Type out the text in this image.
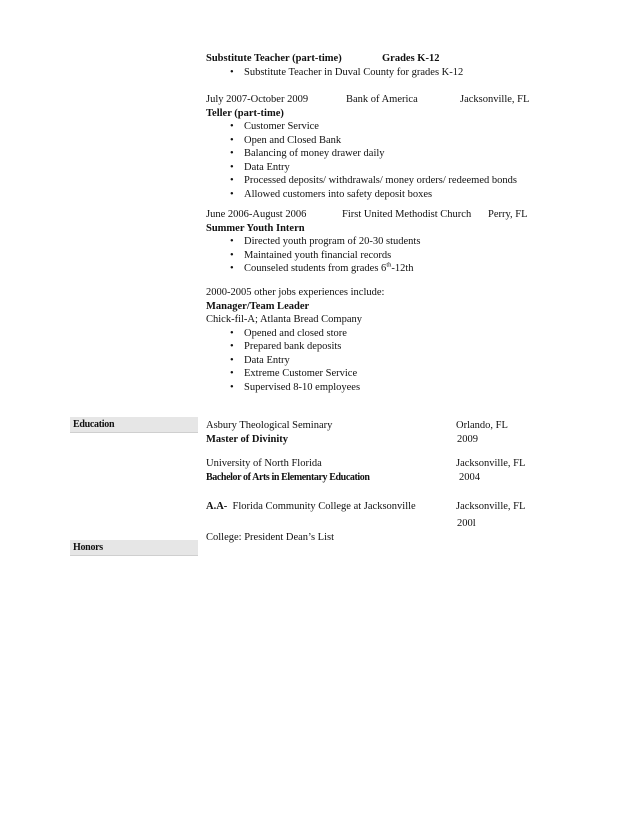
Substitute Teacher (part-time)	Grades K-12
• Substitute Teacher in Duval County for grades K-12
July 2007-October 2009	Bank of America	Jacksonville, FL
Teller (part-time)
• Customer Service
• Open and Closed Bank
• Balancing of money drawer daily
• Data Entry
• Processed deposits/ withdrawals/ money orders/ redeemed bonds
• Allowed customers into safety deposit boxes
June 2006-August 2006	First United Methodist Church Perry, FL
Summer Youth Intern
• Directed youth program of 20-30 students
• Maintained youth financial records
• Counseled students from grades 6th-12th
2000-2005 other jobs experiences include:
Manager/Team Leader
Chick-fil-A; Atlanta Bread Company
• Opened and closed store
• Prepared bank deposits
• Data Entry
• Extreme Customer Service
• Supervised 8-10 employees
Education	Asbury Theological Seminary	Orlando, FL
Master of Divinity	2009
University of North Florida	Jacksonville, FL
Bachelor of Arts in Elementary Education	2004
A.A- Florida Community College at Jacksonville	Jacksonville, FL
200l
College: President Dean’s List
Honors
